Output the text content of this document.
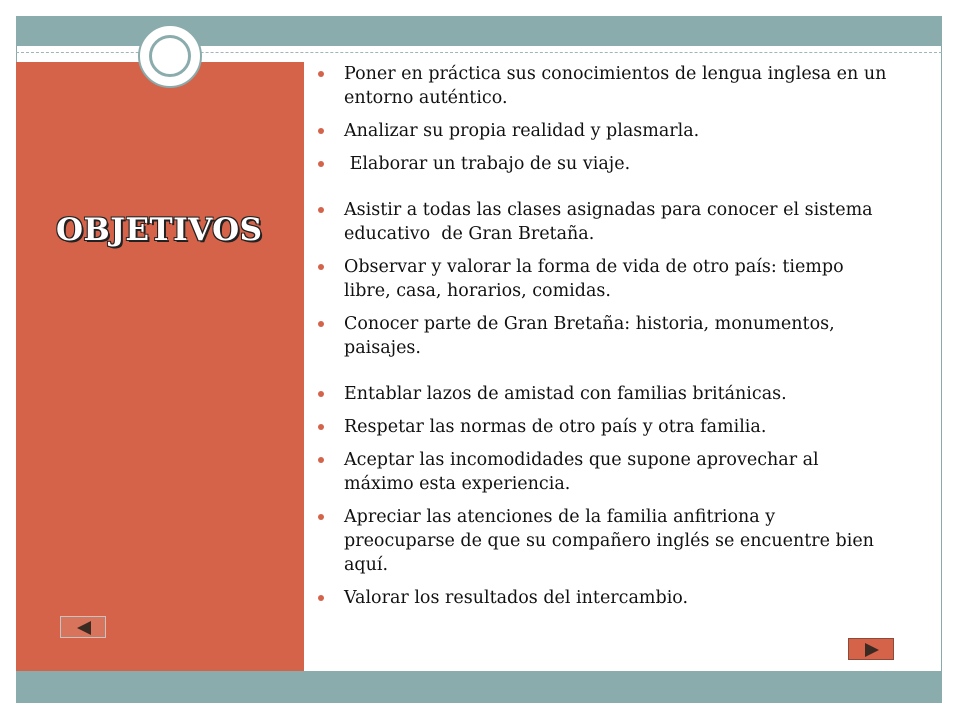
OBJETIVOS
Poner en práctica sus conocimientos de lengua inglesa en un entorno auténtico.
Analizar su propia realidad y plasmarla.
Elaborar un trabajo de su viaje.
Asistir a todas las clases asignadas para conocer el sistema educativo  de Gran Bretaña.
Observar y valorar la forma de vida de otro país: tiempo libre, casa, horarios, comidas.
Conocer parte de Gran Bretaña: historia, monumentos, paisajes.
Entablar lazos de amistad con familias británicas.
Respetar las normas de otro país y otra familia.
Aceptar las incomodidades que supone aprovechar al máximo esta experiencia.
Apreciar las atenciones de la familia anfitriona y preocuparse de que su compañero inglés se encuentre bien aquí.
Valorar los resultados del intercambio.
